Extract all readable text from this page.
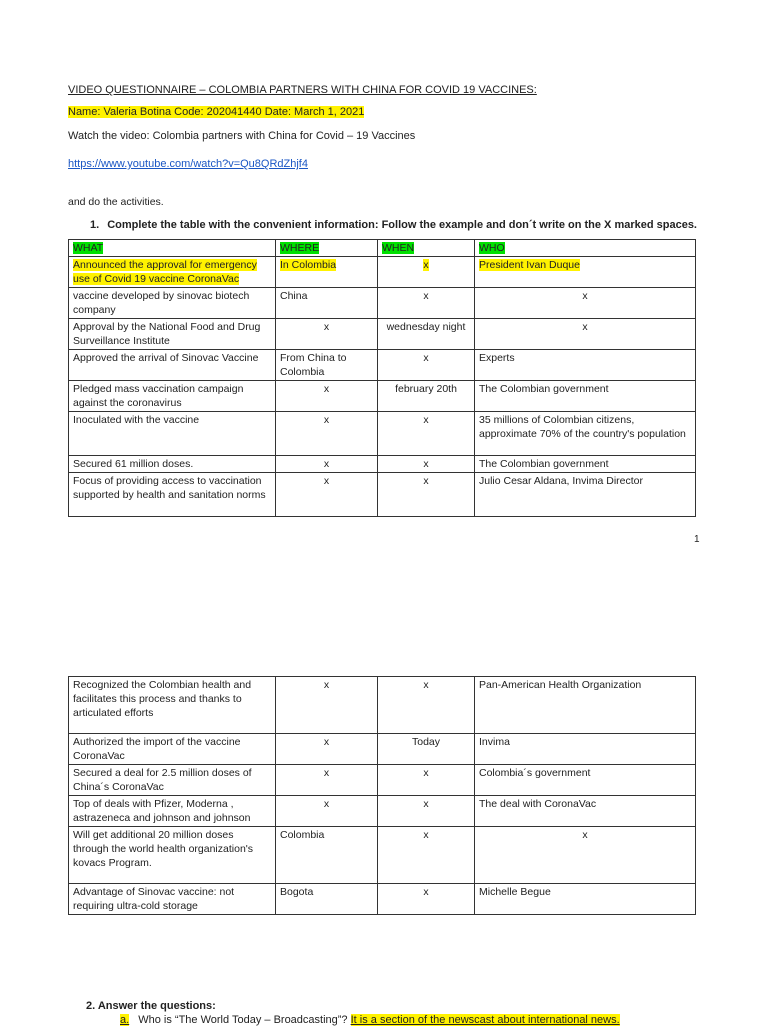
VIDEO QUESTIONNAIRE – COLOMBIA PARTNERS WITH CHINA FOR COVID 19 VACCINES:
Name: Valeria Botina Code: 202041440 Date: March 1, 2021
Watch the video: Colombia partners with China for Covid – 19 Vaccines
https://www.youtube.com/watch?v=Qu8QRdZhjf4
and do the activities.
1. Complete the table with the convenient information: Follow the example and don´t write on the X marked spaces.
WHAT	WHERE	WHEN	WHO
Announced the approval for emergency use of Covid 19 vaccine CoronaVac	In Colombia	x	President Ivan Duque
vaccine developed by sinovac biotech company	China	x	x
Approval by the National Food and Drug Surveillance Institute	x	wednesday night	x
Approved the arrival of Sinovac Vaccine	From China to Colombia	x	Experts
Pledged mass vaccination campaign against the coronavirus	x	february 20th	The Colombian government
Inoculated with the vaccine	x	x	35 millions of Colombian citizens, approximate 70% of the country's population
Secured 61 million doses.	x	x	The Colombian government
Focus of providing access to vaccination supported by health and sanitation norms	x	x	Julio Cesar Aldana, Invima Director
1
Recognized the Colombian health and facilitates this process and thanks to articulated efforts	x	x	Pan-American Health Organization
Authorized the import of the vaccine CoronaVac	x	Today	Invima
Secured a deal for 2.5 million doses of China´s CoronaVac	x	x	Colombia´s government
Top of deals with Pfizer, Moderna , astrazeneca and johnson and johnson	x	x	The deal with CoronaVac
Will get additional 20 million doses through the world health organization's kovacs Program.	Colombia	x	x
Advantage of Sinovac vaccine: not requiring ultra-cold storage	Bogota	x	Michelle Begue
2. Answer the questions:
a. Who is “The World Today – Broadcasting”? It is a section of the newscast about international news.
